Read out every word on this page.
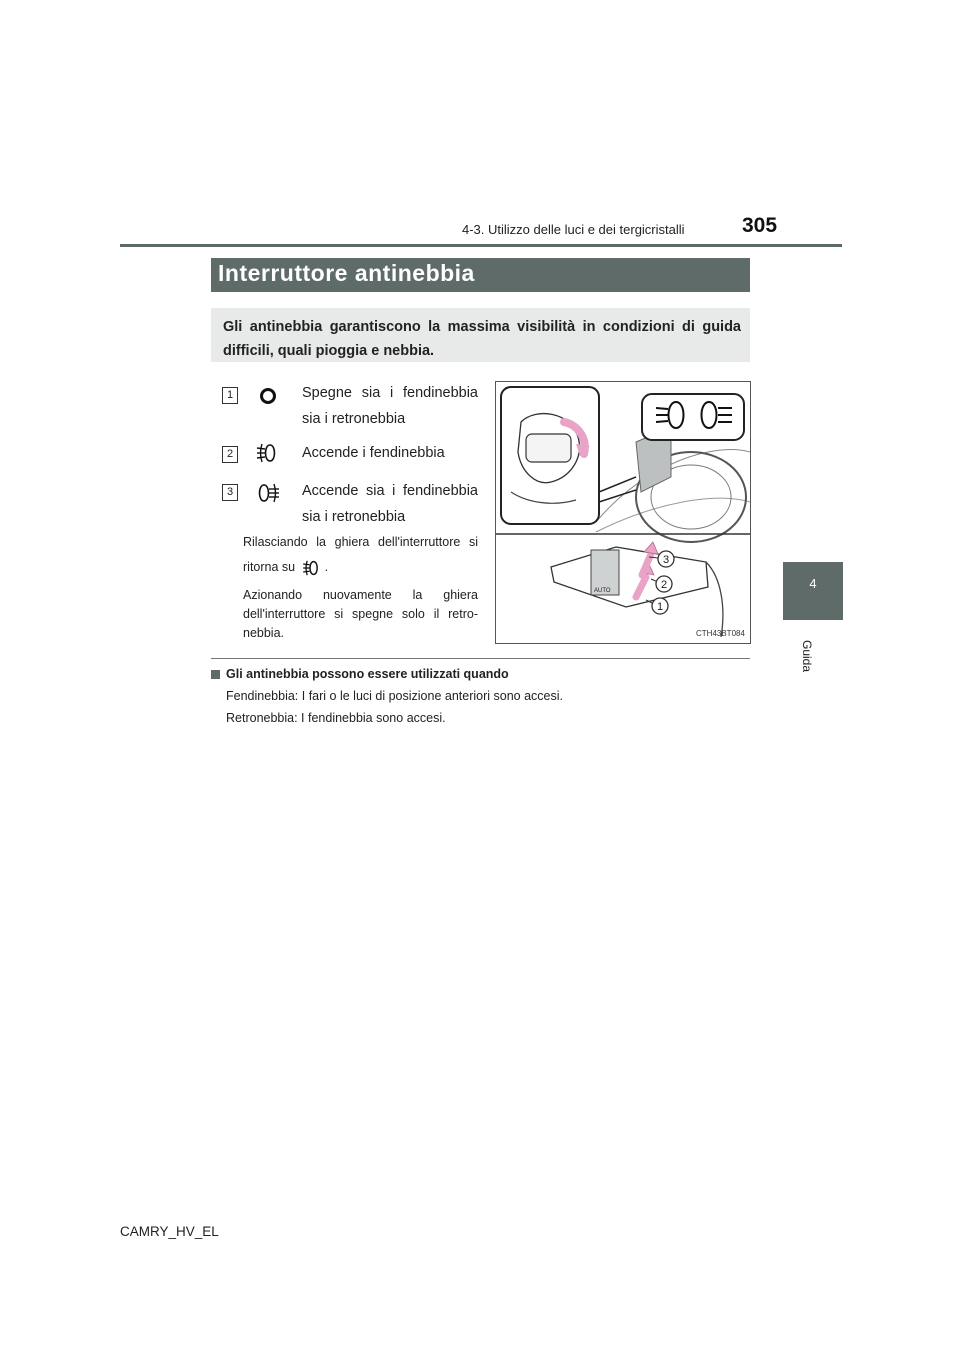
4-3. Utilizzo delle luci e dei tergicristalli	305
4
Guida
Interruttore antinebbia
Gli antinebbia garantiscono la massima visibilità in condizioni di guida difficili, quali pioggia e nebbia.
1	Spegne sia i fendinebbia
sia i retronebbia
2	Accende i fendinebbia
3	Accende sia i fendinebbia
sia i retronebbia
Rilasciando la ghiera dell'interruttore si
ritorna su .
Azionando nuovamente la ghiera
dell'interruttore si spegne solo il retro-
nebbia.
AUTO
3
2
1
CTH43BT084
Gli antinebbia possono essere utilizzati quando
Fendinebbia: I fari o le luci di posizione anteriori sono accesi.
Retronebbia: I fendinebbia sono accesi.
CAMRY_HV_EL
